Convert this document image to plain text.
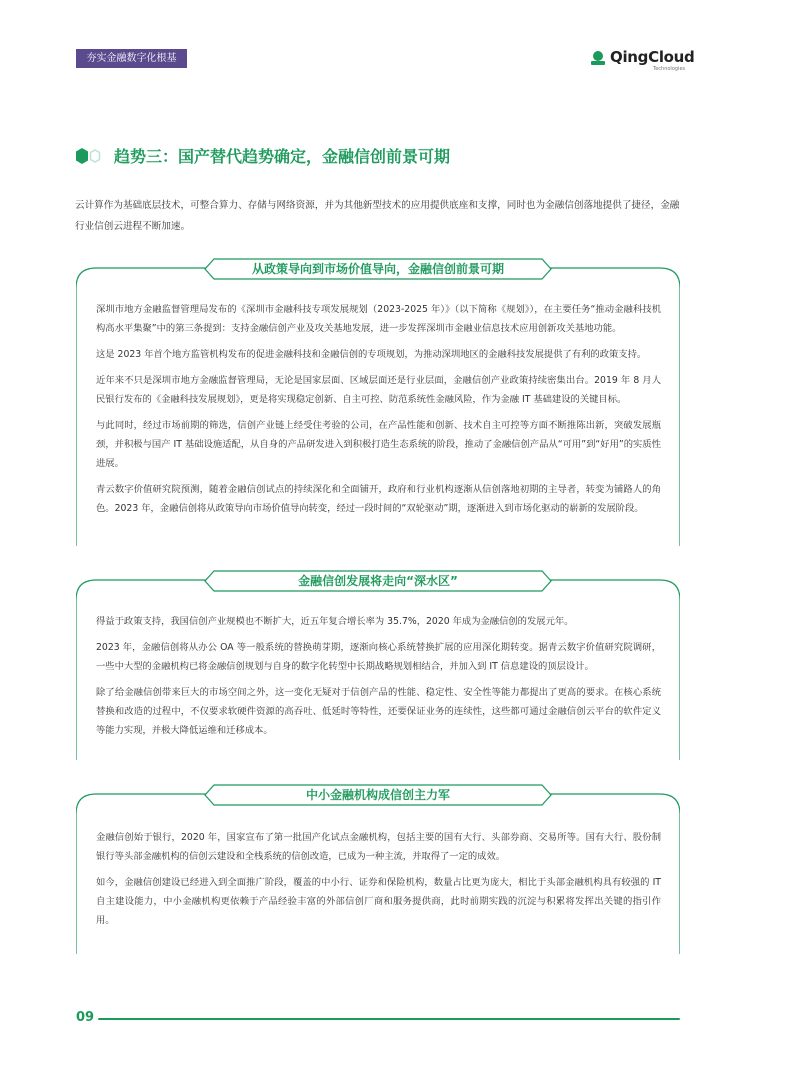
夯实金融数字化根基	QingCloud
Technologies
趋势三：国产替代趋势确定，金融信创前景可期

云计算作为基础底层技术，可整合算力、存储与网络资源，并为其他新型技术的应用提供底座和支撑，同时也为金融信创落地提供了捷径，金融行业信创云进程不断加速。

从政策导向到市场价值导向，金融信创前景可期

深圳市地方金融监督管理局发布的《深圳市金融科技专项发展规划（2023-2025 年）》（以下简称《规划》），在主要任务“推动金融科技机构高水平集聚”中的第三条提到：支持金融信创产业及攻关基地发展，进一步发挥深圳市金融业信息技术应用创新攻关基地功能。

这是 2023 年首个地方监管机构发布的促进金融科技和金融信创的专项规划，为推动深圳地区的金融科技发展提供了有利的政策支持。

近年来不只是深圳市地方金融监督管理局，无论是国家层面、区域层面还是行业层面，金融信创产业政策持续密集出台。2019 年 8 月人民银行发布的《金融科技发展规划》，更是将实现稳定创新、自主可控、防范系统性金融风险，作为金融 IT 基础建设的关键目标。

与此同时，经过市场前期的筛选，信创产业链上经受住考验的公司，在产品性能和创新、技术自主可控等方面不断推陈出新，突破发展瓶颈，并积极与国产 IT 基础设施适配，从自身的产品研发进入到积极打造生态系统的阶段，推动了金融信创产品从“可用”到“好用”的实质性进展。

青云数字价值研究院预测，随着金融信创试点的持续深化和全面铺开，政府和行业机构逐渐从信创落地初期的主导者，转变为铺路人的角色。2023 年，金融信创将从政策导向市场价值导向转变，经过一段时间的“双轮驱动”期，逐渐进入到市场化驱动的崭新的发展阶段。

金融信创发展将走向“深水区”

得益于政策支持，我国信创产业规模也不断扩大，近五年复合增长率为 35.7%，2020 年成为金融信创的发展元年。

2023 年，金融信创将从办公 OA 等一般系统的替换萌芽期，逐渐向核心系统替换扩展的应用深化期转变。据青云数字价值研究院调研，一些中大型的金融机构已将金融信创规划与自身的数字化转型中长期战略规划相结合，并加入到 IT 信息建设的顶层设计。

除了给金融信创带来巨大的市场空间之外，这一变化无疑对于信创产品的性能、稳定性、安全性等能力都提出了更高的要求。在核心系统替换和改造的过程中，不仅要求软硬件资源的高吞吐、低延时等特性，还要保证业务的连续性，这些都可通过金融信创云平台的软件定义等能力实现，并极大降低运维和迁移成本。

中小金融机构成信创主力军

金融信创始于银行，2020 年，国家宣布了第一批国产化试点金融机构，包括主要的国有大行、头部券商、交易所等。国有大行、股份制银行等头部金融机构的信创云建设和全栈系统的信创改造，已成为一种主流，并取得了一定的成效。

如今，金融信创建设已经进入到全面推广阶段，覆盖的中小行、证券和保险机构，数量占比更为庞大，相比于头部金融机构具有较强的 IT 自主建设能力，中小金融机构更依赖于产品经验丰富的外部信创厂商和服务提供商，此时前期实践的沉淀与积累将发挥出关键的指引作用。

09
